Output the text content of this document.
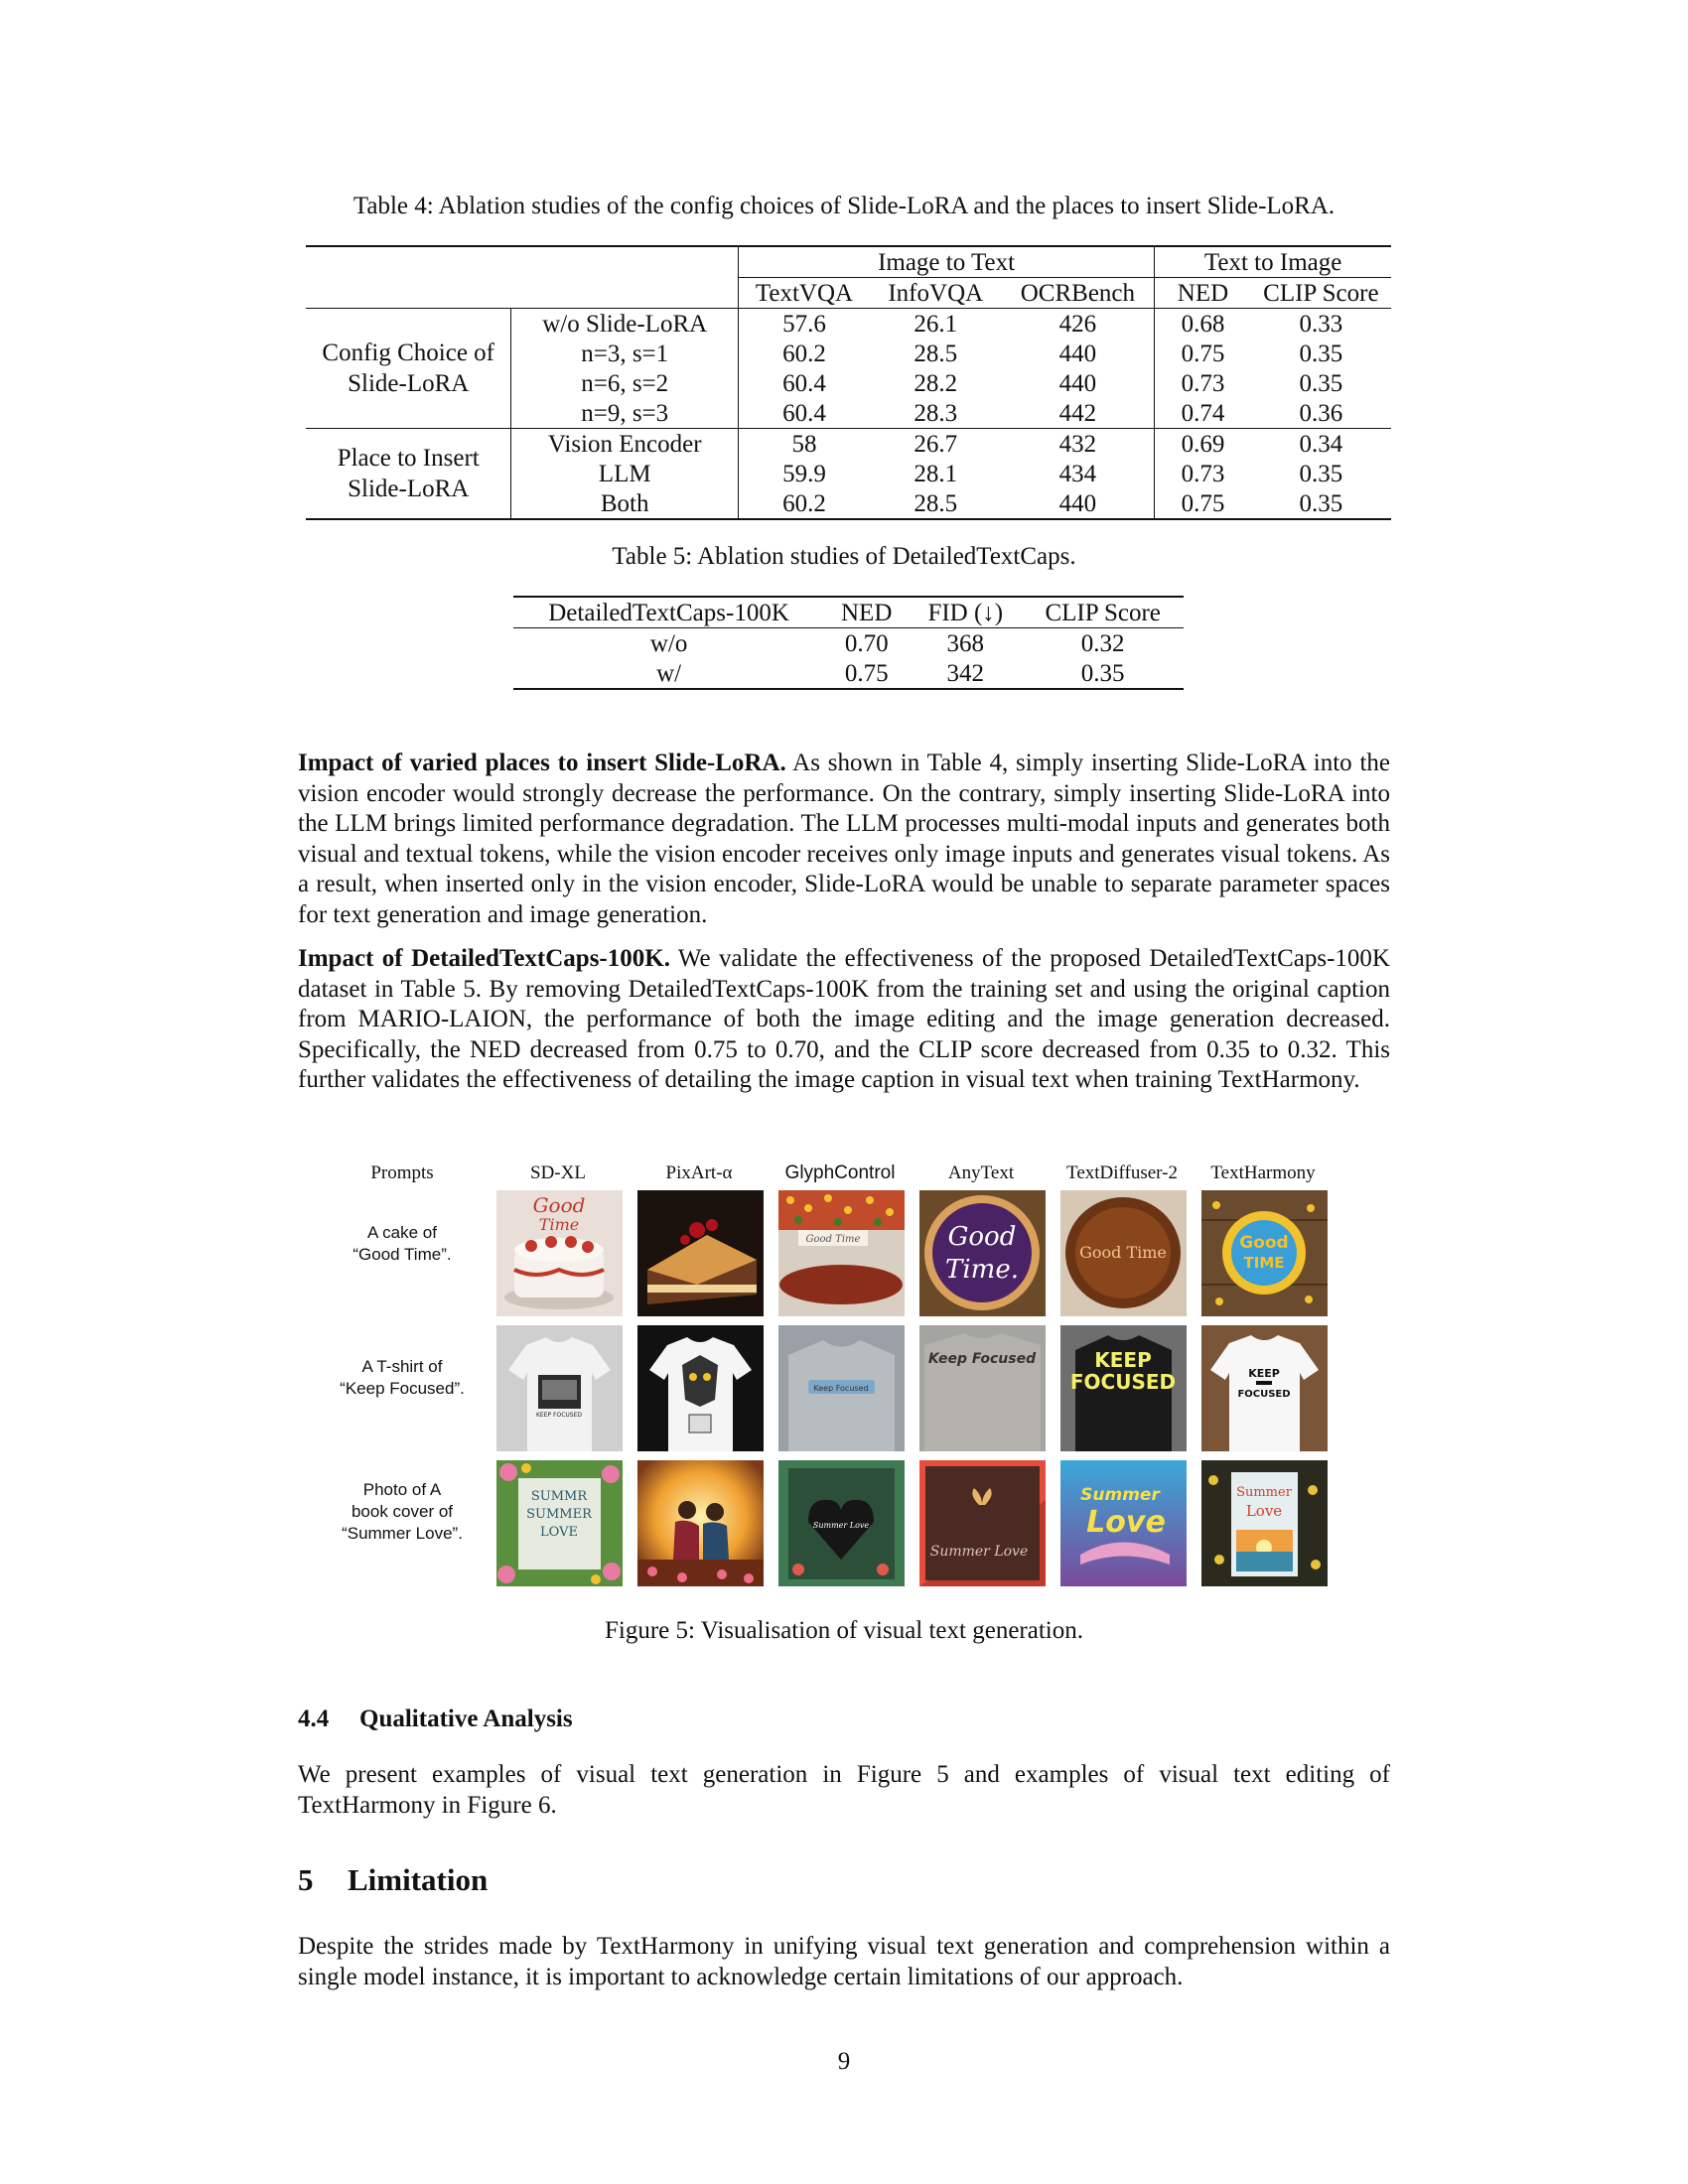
Table 4: Ablation studies of the config choices of Slide-LoRA and the places to insert Slide-LoRA.
		Image to Text			Text to Image	
		TextVQA	InfoVQA	OCRBench	NED	CLIP Score
Config Choice of Slide-LoRA	w/o Slide-LoRA	57.6	26.1	426	0.68	0.33
	n=3, s=1	60.2	28.5	440	0.75	0.35
	n=6, s=2	60.4	28.2	440	0.73	0.35
	n=9, s=3	60.4	28.3	442	0.74	0.36
Place to Insert Slide-LoRA	Vision Encoder	58	26.7	432	0.69	0.34
	LLM	59.9	28.1	434	0.73	0.35
	Both	60.2	28.5	440	0.75	0.35
Table 5: Ablation studies of DetailedTextCaps.
DetailedTextCaps-100K	NED	FID (↓)	CLIP Score
w/o	0.70	368	0.32
w/	0.75	342	0.35

Impact of varied places to insert Slide-LoRA. As shown in Table 4, simply inserting Slide-LoRA into the vision encoder would strongly decrease the performance. On the contrary, simply inserting Slide-LoRA into the LLM brings limited performance degradation. The LLM processes multi-modal inputs and generates both visual and textual tokens, while the vision encoder receives only image inputs and generates visual tokens. As a result, when inserted only in the vision encoder, Slide-LoRA would be unable to separate parameter spaces for text generation and image generation.

Impact of DetailedTextCaps-100K. We validate the effectiveness of the proposed DetailedTextCaps-100K dataset in Table 5. By removing DetailedTextCaps-100K from the training set and using the original caption from MARIO-LAION, the performance of both the image editing and the image generation decreased. Specifically, the NED decreased from 0.75 to 0.70, and the CLIP score decreased from 0.35 to 0.32. This further validates the effectiveness of detailing the image caption in visual text when training TextHarmony.

Prompts	SD-XL	PixArt-α	GlyphControl	AnyText	TextDiffuser-2	TextHarmony
A cake of
“Good Time”.
A T-shirt of
“Keep Focused”.
Photo of A
book cover of
“Summer Love”.
Good
Time
Good Time	Good
Time.
Good Time	Good
TIME
KEEP FOCUSED
Keep Focused
Keep Focused	KEEP
FOCUSED	KEEP
FOCUSED
SUMMR
SUMMER
LOVE	Summer Love
Summer Love
Summer
Love
Summer
Love
Figure 5: Visualisation of visual text generation.
4.4 Qualitative Analysis

We present examples of visual text generation in Figure 5 and examples of visual text editing of TextHarmony in Figure 6.

5 Limitation

Despite the strides made by TextHarmony in unifying visual text generation and comprehension within a single model instance, it is important to acknowledge certain limitations of our approach.

9
